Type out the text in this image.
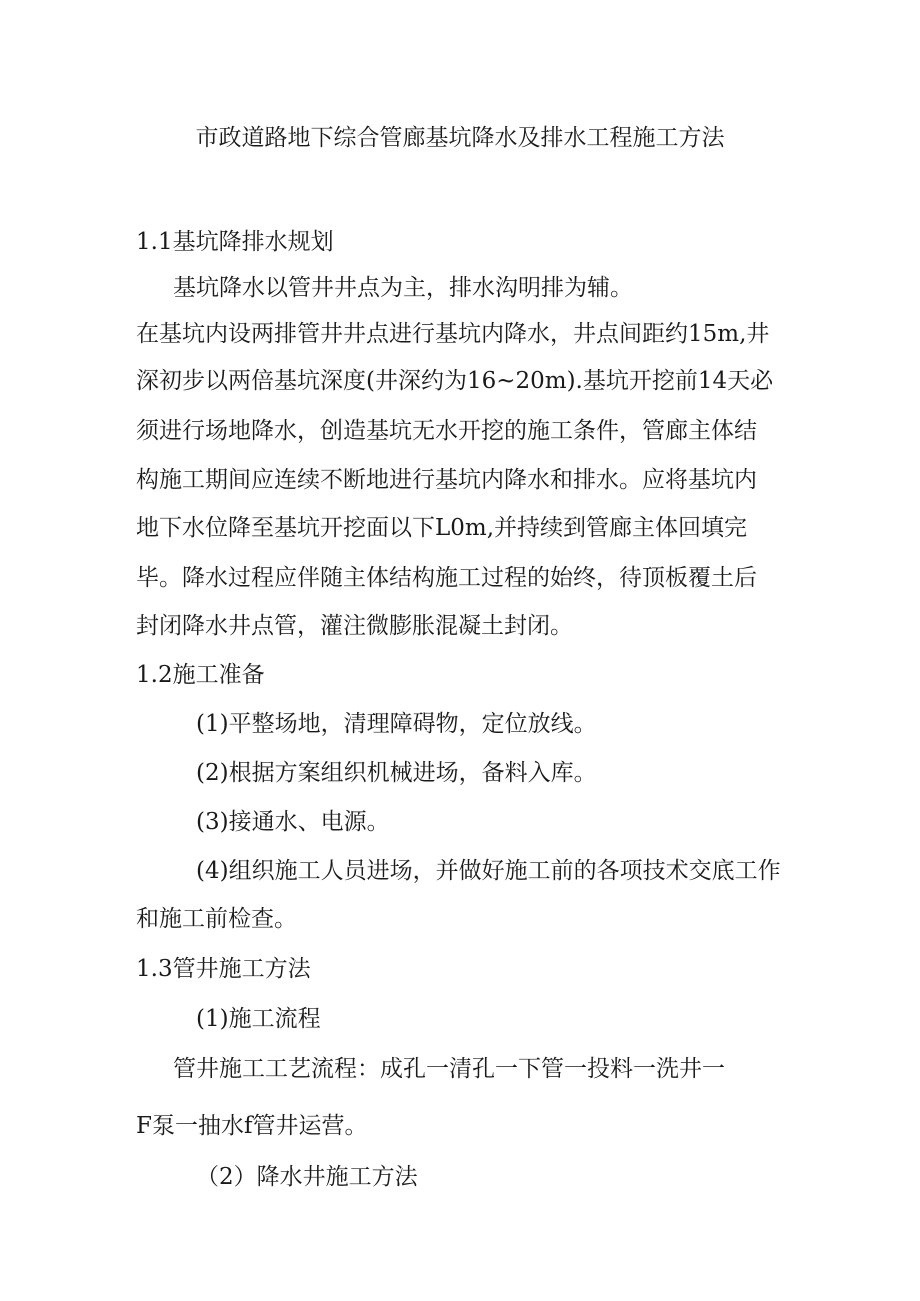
市政道路地下综合管廊基坑降水及排水工程施工方法
1.1基坑降排水规划
基坑降水以管井井点为主，排水沟明排为辅。
在基坑内设两排管井井点进行基坑内降水，井点间距约15m,井
深初步以两倍基坑深度(井深约为16~20m).基坑开挖前14天必
须进行场地降水，创造基坑无水开挖的施工条件，管廊主体结
构施工期间应连续不断地进行基坑内降水和排水。应将基坑内
地下水位降至基坑开挖面以下L0m,并持续到管廊主体回填完
毕。降水过程应伴随主体结构施工过程的始终，待顶板覆土后
封闭降水井点管，灌注微膨胀混凝土封闭。
1.2施工准备
(1)平整场地，清理障碍物，定位放线。
(2)根据方案组织机械进场，备料入库。
(3)接通水、电源。
(4)组织施工人员进场，并做好施工前的各项技术交底工作
和施工前检查。
1.3管井施工方法
(1)施工流程
管井施工工艺流程：成孔一清孔一下管一投料一洗井一
F泵一抽水f管井运营。
（2）降水井施工方法
